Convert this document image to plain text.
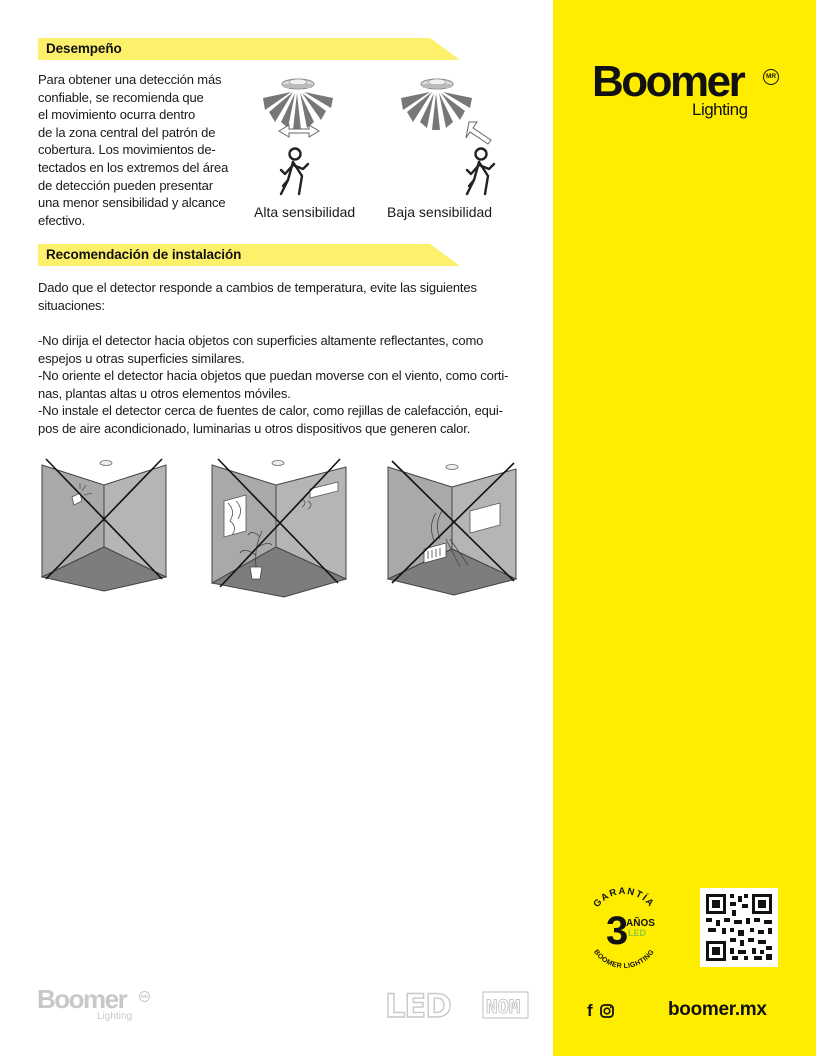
Desempeño
Para obtener una detección más
confiable, se recomienda que
el movimiento ocurra dentro
de la zona central del patrón de
cobertura. Los movimientos de-
tectados en los extremos del área
de detección pueden presentar
una menor sensibilidad y alcance
efectivo.
Alta sensibilidad Baja sensibilidad
Recomendación de instalación
Dado que el detector responde a cambios de temperatura, evite las siguientes
situaciones:
-No dirija el detector hacia objetos con superficies altamente reflectantes, como
espejos u otras superficies similares.
-No oriente el detector hacia objetos que puedan moverse con el viento, como corti-
nas, plantas altas u otros elementos móviles.
-No instale el detector cerca de fuentes de calor, como rejillas de calefacción, equi-
pos de aire acondicionado, luminarias u otros dispositivos que generen calor.
Boomer
Lighting
MR
GARANTÍA
3
AÑOS
LED
BOOMER LIGHTING
f	boomer.mx
Boomer
Lighting
MR	LED NOM
